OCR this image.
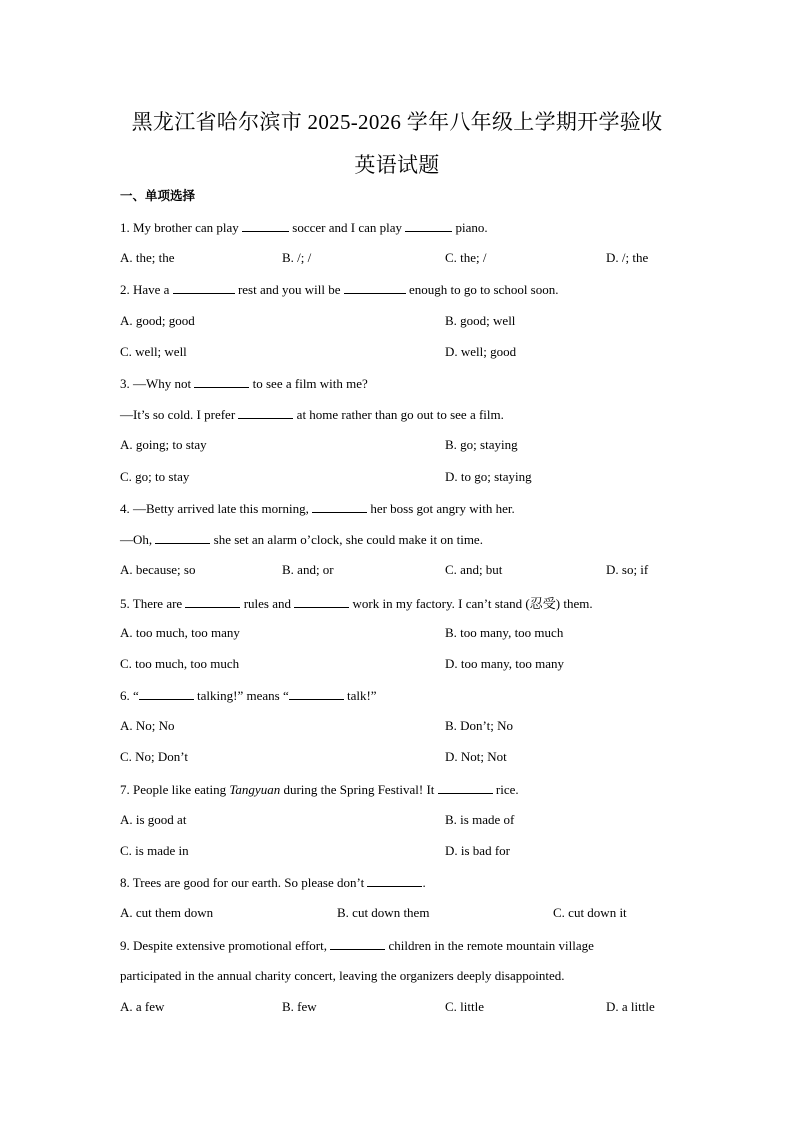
黑龙江省哈尔滨市 2025-2026 学年八年级上学期开学验收
英语试题
一、单项选择
1. My brother can play	soccer and I can play	piano.
A. the; the	B. /; /	C. the; /	D. /; the
2. Have a	rest and you will be	enough to go to school soon.
A. good; good	B. good; well
C. well; well	D. well; good
3. —Why not	to see a film with me?
—It’s so cold. I prefer	at home rather than go out to see a film.
A. going; to stay	B. go; staying
C. go; to stay	D. to go; staying
4. —Betty arrived late this morning,	her boss got angry with her.
—Oh,	she set an alarm o’clock, she could make it on time.
A. because; so	B. and; or	C. and; but	D. so; if
5. There are	rules and	work in my factory. I can’t stand (忍受) them.
A. too much, too many	B. too many, too much
C. too much, too much	D. too many, too many
6. “	talking!” means “	talk!”
A. No; No	B. Don’t; No
C. No; Don’t	D. Not; Not
7. People like eating Tangyuan during the Spring Festival! It	rice.
A. is good at	B. is made of
C. is made in	D. is bad for
8. Trees are good for our earth. So please don’t	.
A. cut them down	B. cut down them	C. cut down it
9. Despite extensive promotional effort,	children in the remote mountain village
participated in the annual charity concert, leaving the organizers deeply disappointed.
A. a few	B. few	C. little	D. a little
